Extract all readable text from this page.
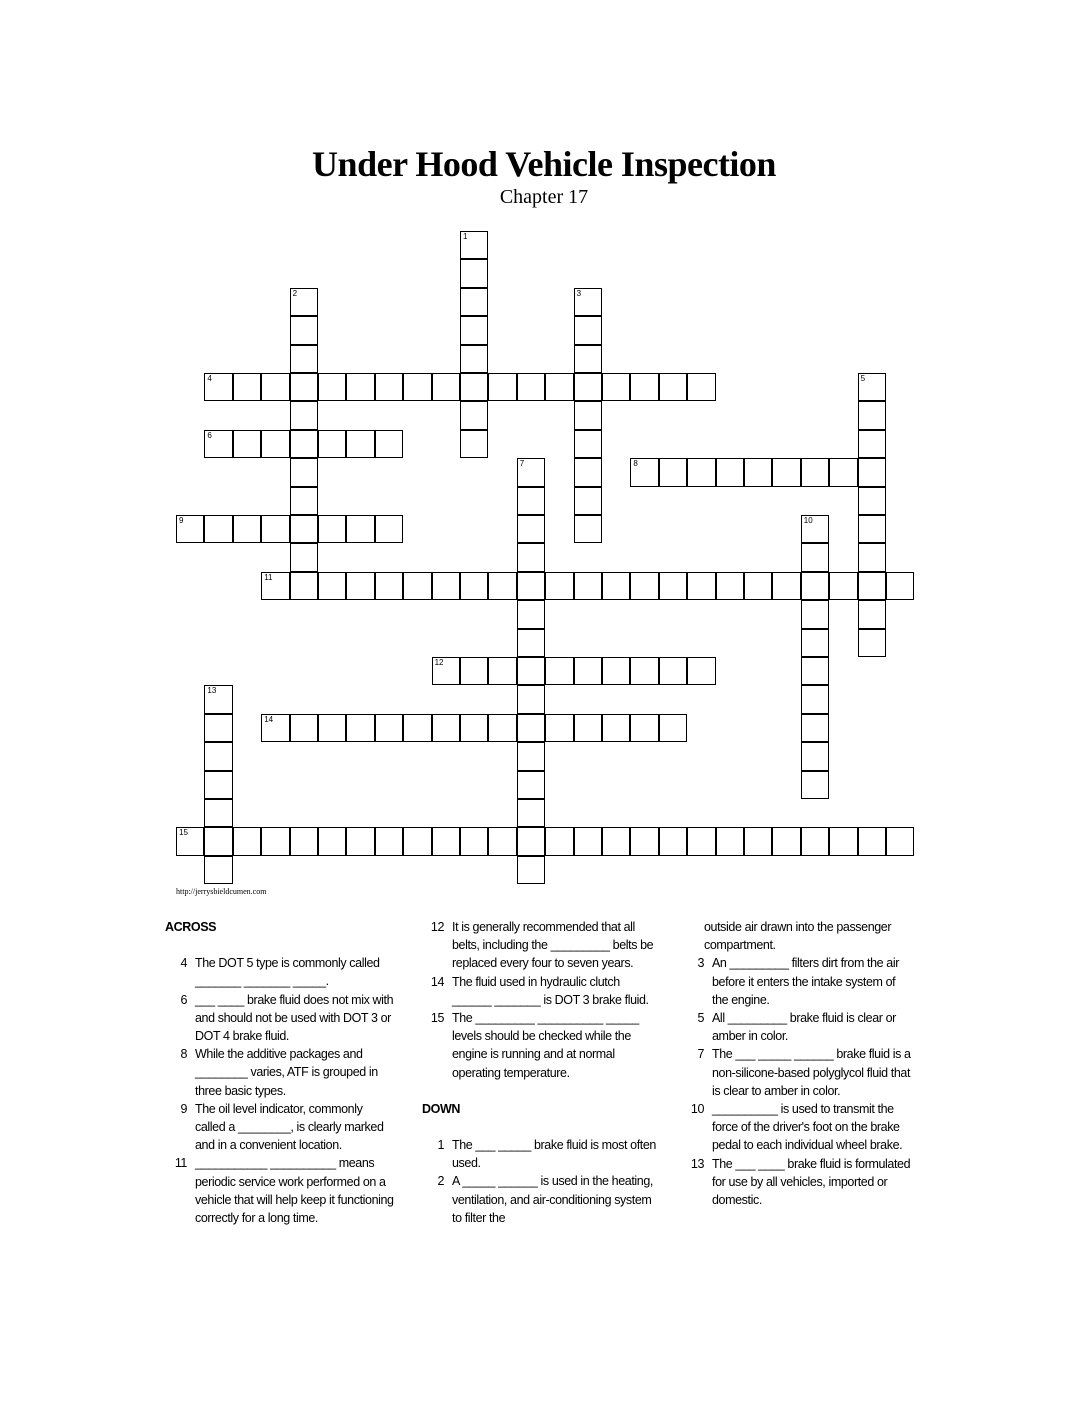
Under Hood Vehicle Inspection
Chapter 17
1
2	3
4	5
6
7	8
9	10
11
12
13
14
15
http://jerrysbieldcumen.com
ACROSS
4 The DOT 5 type is commonly called _______ _______ _____.
6 ___ ____ brake fluid does not mix with and should not be used with DOT 3 or DOT 4 brake fluid.
8 While the additive packages and ________ varies, ATF is grouped in three basic types.
9 The oil level indicator, commonly called a ________, is clearly marked and in a convenient location.
11 ___________ __________ means periodic service work performed on a vehicle that will help keep it functioning correctly for a long time.
12 It is generally recommended that all belts, including the _________ belts be replaced every four to seven years.
14 The fluid used in hydraulic clutch ______ _______ is DOT 3 brake fluid.
15 The _________ __________ _____ levels should be checked while the engine is running and at normal operating temperature.
DOWN
1 The ___ _____ brake fluid is most often used.
2 A _____ ______ is used in the heating, ventilation, and air-conditioning system to filter the
outside air drawn into the passenger compartment.
3 An _________ filters dirt from the air before it enters the intake system of the engine.
5 All _________ brake fluid is clear or amber in color.
7 The ___ _____ ______ brake fluid is a non-silicone-based polyglycol fluid that is clear to amber in color.
10 __________ is used to transmit the force of the driver's foot on the brake pedal to each individual wheel brake.
13 The ___ ____ brake fluid is formulated for use by all vehicles, imported or domestic.
